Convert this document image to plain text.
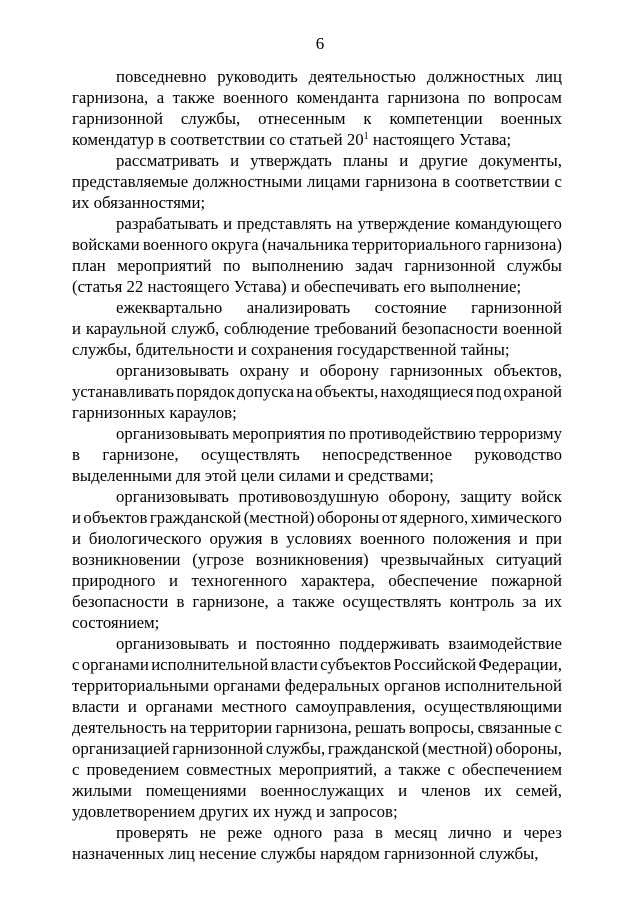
6
повседневно руководить деятельностью должностных лиц
гарнизона, а также военного коменданта гарнизона по вопросам
гарнизонной службы, отнесенным к компетенции военных
комендатур в соответствии со статьей $20^1$ настоящего Устава;
рассматривать и утверждать планы и другие документы,
представляемые должностными лицами гарнизона в соответствии с
их обязанностями;
разрабатывать и представлять на утверждение командующего
войсками военного округа (начальника территориального гарнизона)
план мероприятий по выполнению задач гарнизонной службы
(статья 22 настоящего Устава) и обеспечивать его выполнение;
ежеквартально анализировать состояние гарнизонной
и караульной служб, соблюдение требований безопасности военной
службы, бдительности и сохранения государственной тайны;
организовывать охрану и оборону гарнизонных объектов,
устанавливать порядок допуска на объекты, находящиеся под охраной
гарнизонных караулов;
организовывать мероприятия по противодействию терроризму
в гарнизоне, осуществлять непосредственное руководство
выделенными для этой цели силами и средствами;
организовывать противовоздушную оборону, защиту войск
и объектов гражданской (местной) обороны от ядерного, химического
и биологического оружия в условиях военного положения и при
возникновении (угрозе возникновения) чрезвычайных ситуаций
природного и техногенного характера, обеспечение пожарной
безопасности в гарнизоне, а также осуществлять контроль за их
состоянием;
организовывать и постоянно поддерживать взаимодействие
с органами исполнительной власти субъектов Российской Федерации,
территориальными органами федеральных органов исполнительной
власти и органами местного самоуправления, осуществляющими
деятельность на территории гарнизона, решать вопросы, связанные с
организацией гарнизонной службы, гражданской (местной) обороны,
с проведением совместных мероприятий, а также с обеспечением
жилыми помещениями военнослужащих и членов их семей,
удовлетворением других их нужд и запросов;
проверять не реже одного раза в месяц лично и через
назначенных лиц несение службы нарядом гарнизонной службы,
